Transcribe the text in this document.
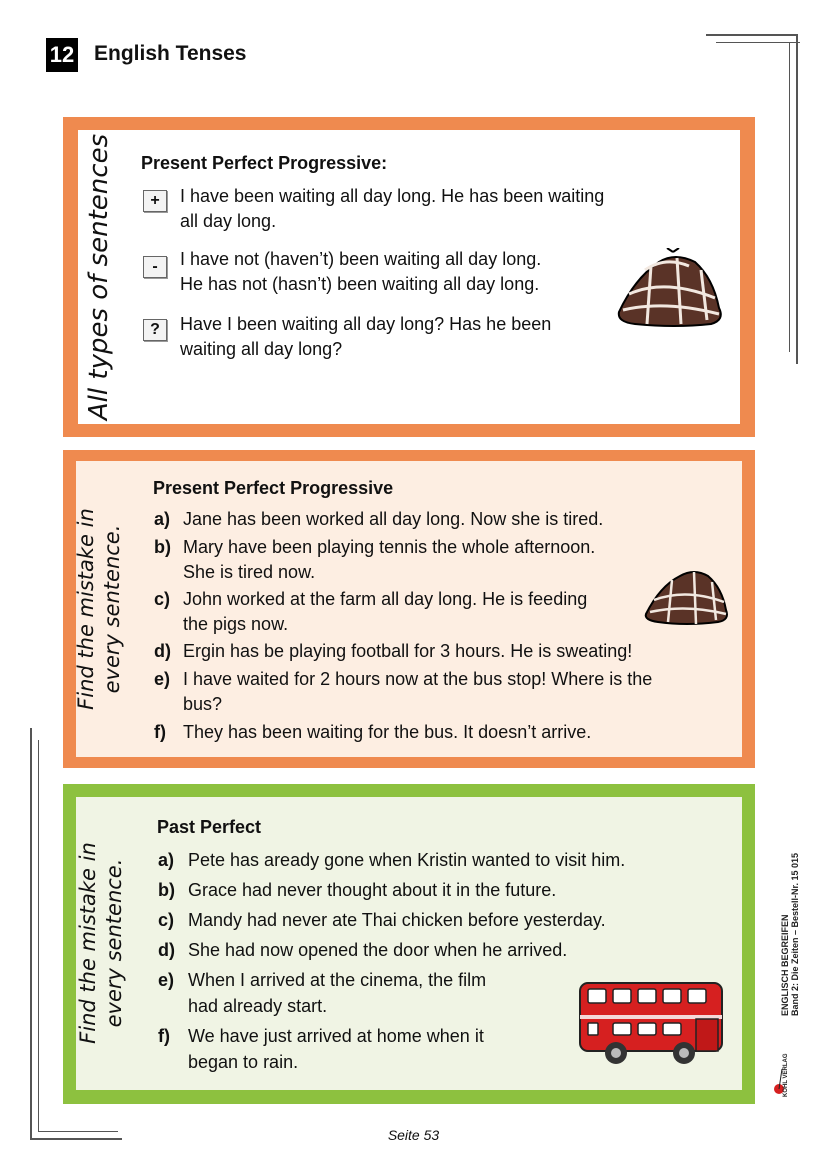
12 English Tenses
All types of sentences Present Perfect Progressive:
+	I have been waiting all day long. He has been waiting
all day long.
-	I have not (haven’t) been waiting all day long.
He has not (hasn’t) been waiting all day long.
?	Have I been waiting all day long? Has he been
waiting all day long?
Find the mistake in every sentence.
Present Perfect Progressive
a) Jane has been worked all day long. Now she is tired.
b) Mary have been playing tennis the whole afternoon.
She is tired now.
c) John worked at the farm all day long. He is feeding
the pigs now.
d) Ergin has be playing football for 3 hours. He is sweating!
e) I have waited for 2 hours now at the bus stop! Where is the
bus?
f) They has been waiting for the bus. It doesn’t arrive.
Find the mistake in every sentence.
Past Perfect
a) Pete has aready gone when Kristin wanted to visit him.
b) Grace had never thought about it in the future.
c) Mandy had never ate Thai chicken before yesterday.
d) She had now opened the door when he arrived.
e) When I arrived at the cinema, the film
had already start.
f) We have just arrived at home when it
began to rain.
ENGLISCH BEGREIFEN Band 2: Die Zeiten – Bestell-Nr. 15 015
KOHL VERLAG
Seite 53
